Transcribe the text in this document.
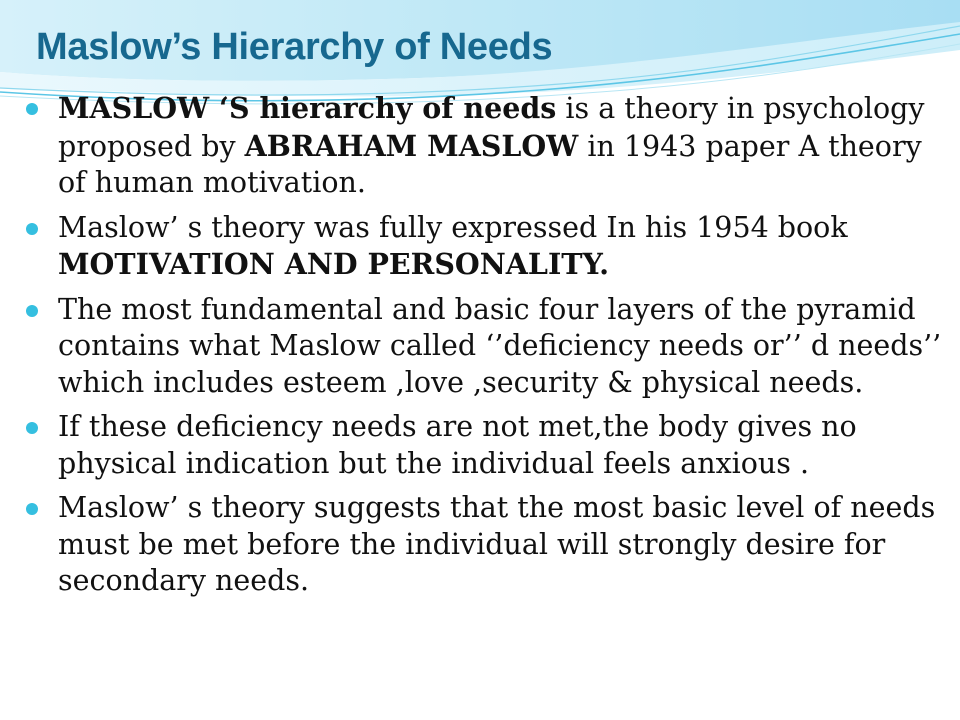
Maslow’s Hierarchy of Needs
MASLOW ‘S hierarchy of needs is a theory in psychology proposed by ABRAHAM MASLOW in 1943 paper A theory of human motivation.
Maslow’ s theory was fully expressed In his 1954 book MOTIVATION AND PERSONALITY.
The most fundamental and basic four layers of the pyramid contains what Maslow called ‘’deficiency needs or’’ d needs’’ which includes esteem ,love ,security & physical needs.
If these deficiency needs are not met,the body gives no physical indication but the individual feels anxious .
Maslow’ s theory suggests that the most basic level of needs must be met before the individual will strongly desire for secondary needs.
